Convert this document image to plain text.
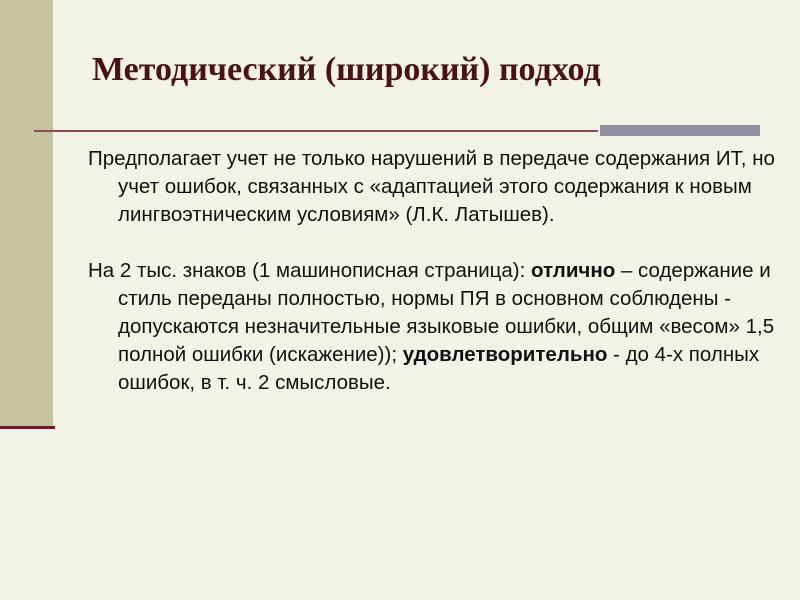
Методический (широкий) подход

Предполагает учет не только нарушений в передаче содержания ИТ, но учет ошибок, связанных с «адаптацией этого содержания к новым лингвоэтническим условиям» (Л.К. Латышев).

На 2 тыс. знаков (1 машинописная страница): отлично – содержание и стиль переданы полностью, нормы ПЯ в основном соблюдены - допускаются незначительные языковые ошибки, общим «весом» 1,5 полной ошибки (искажение)); удовлетворительно - до 4-х полных ошибок, в т. ч. 2 смысловые.
